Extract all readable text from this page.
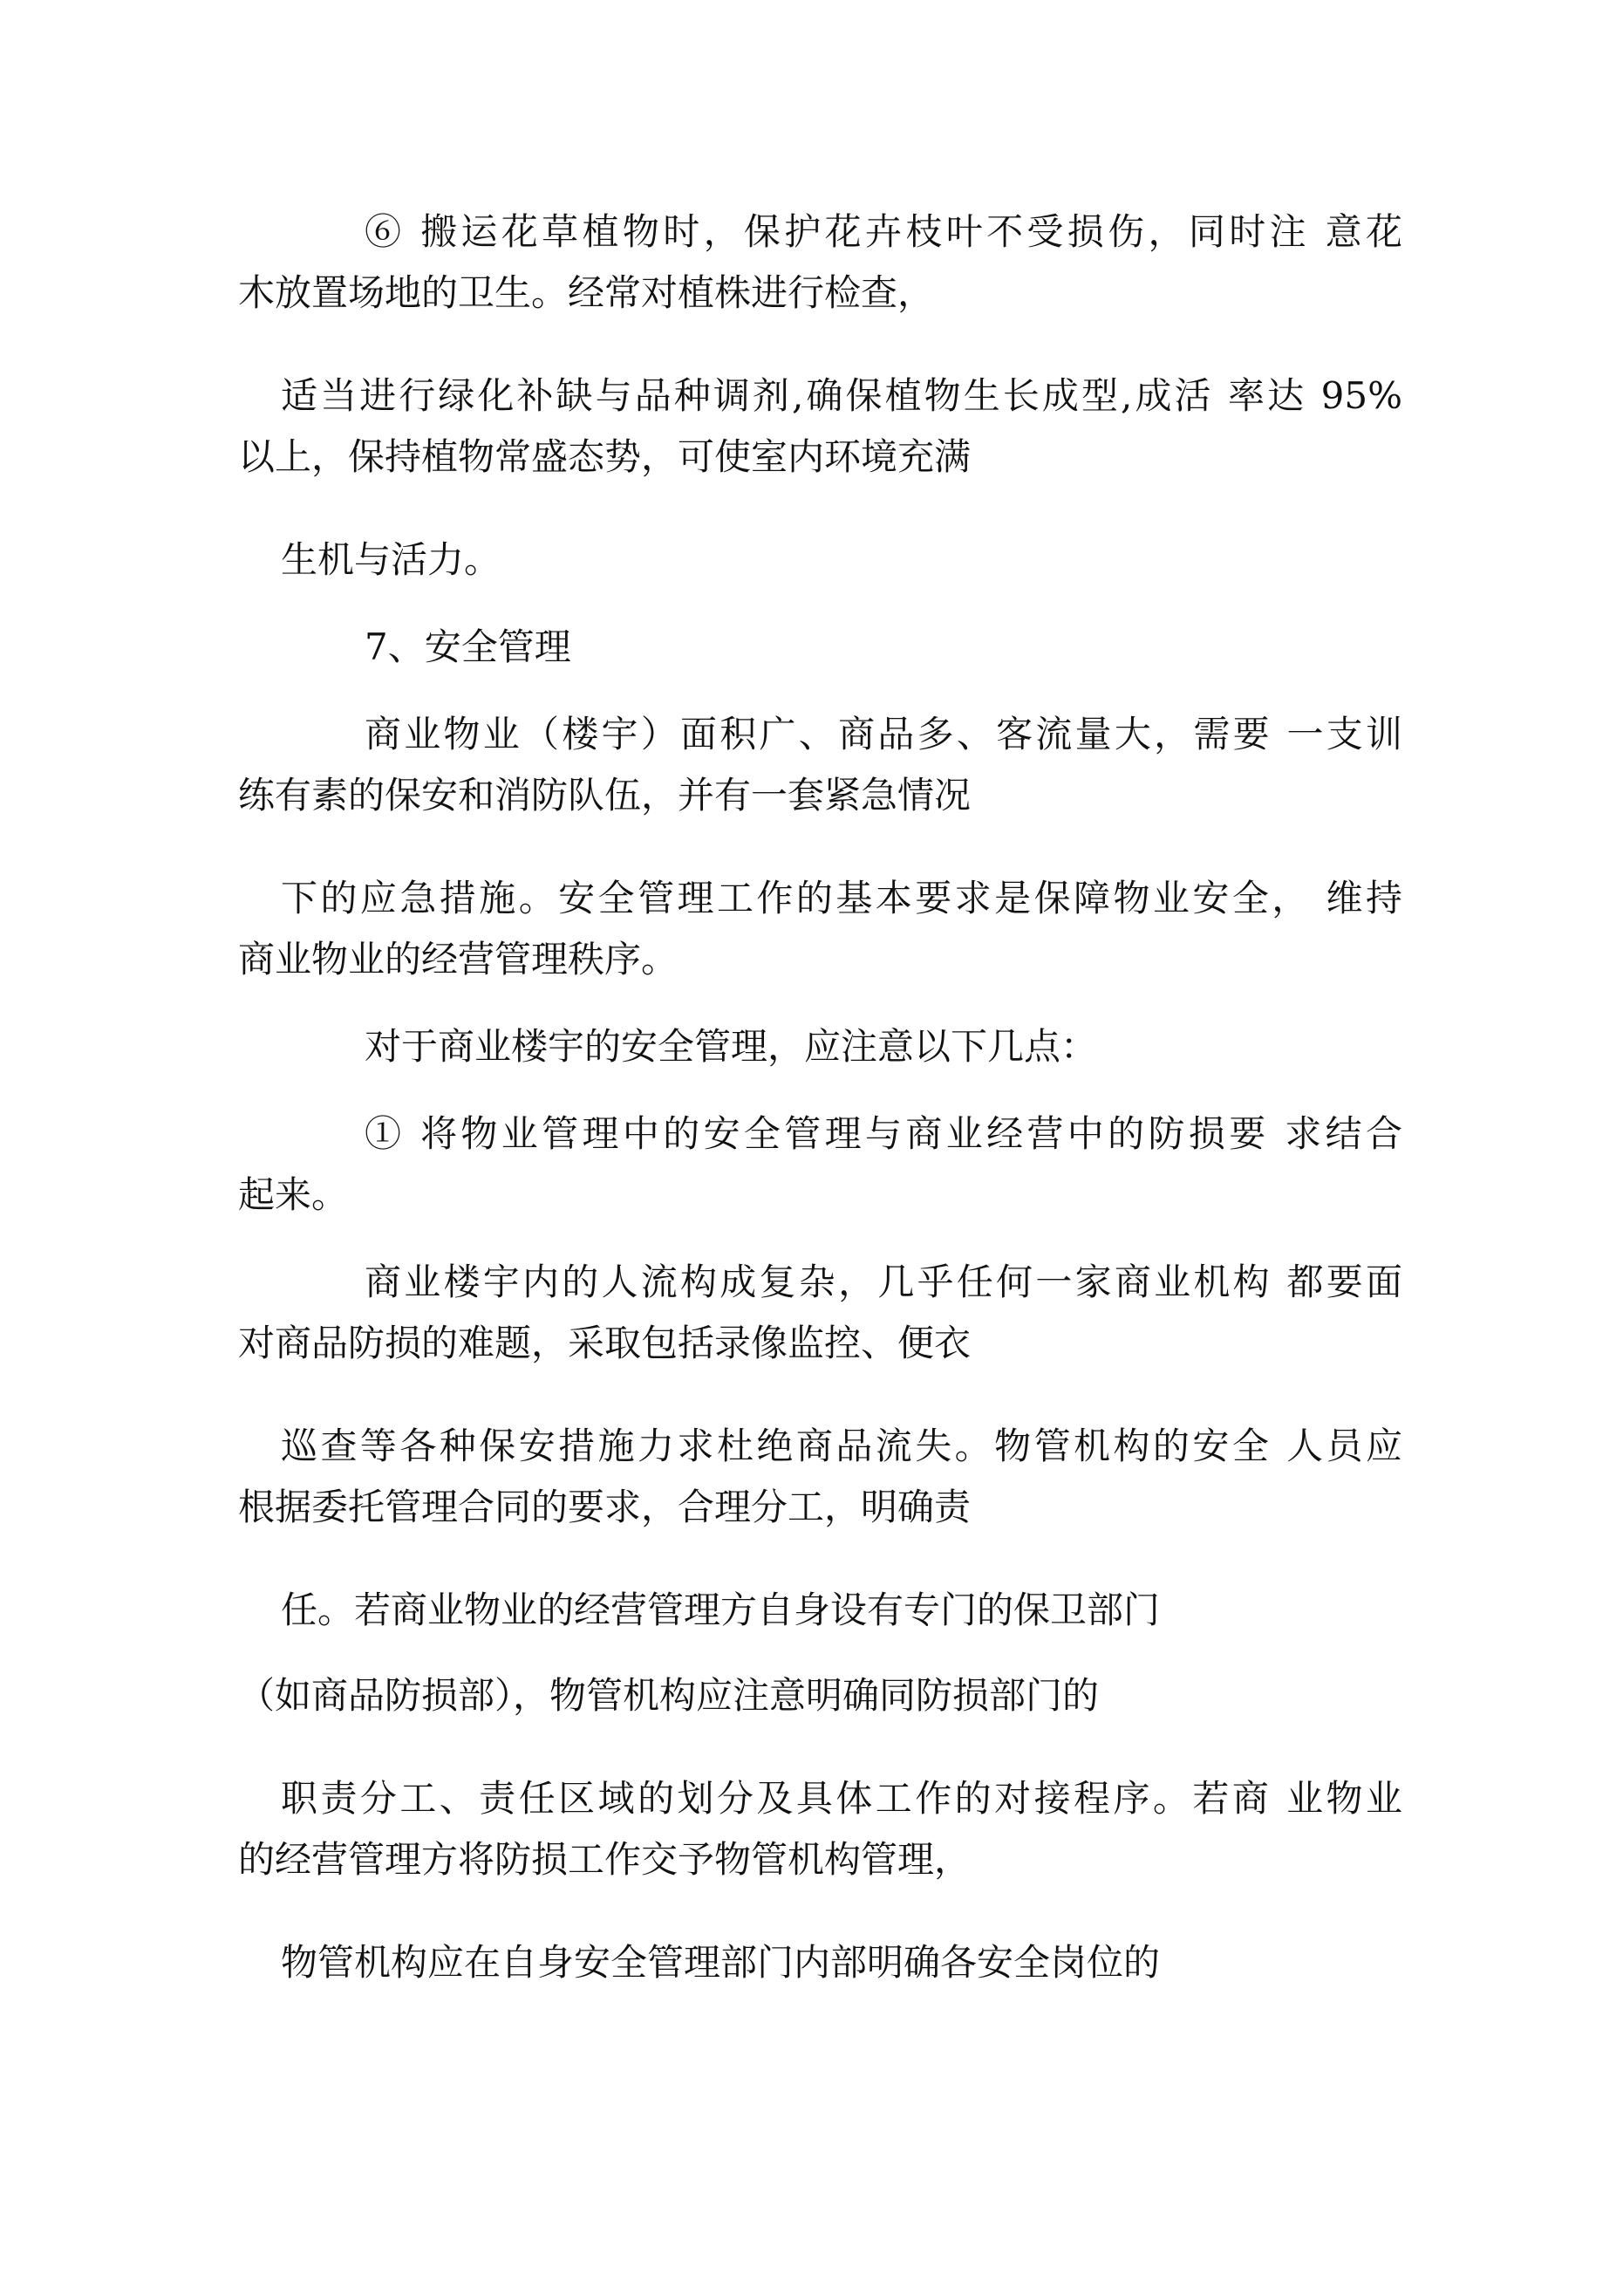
⑥ 搬运花草植物时，保护花卉枝叶不受损伤，同时注 意花
木放置场地的卫生。经常对植株进行检查，
适当进行绿化补缺与品种调剂,确保植物生长成型,成活 率达 95%
以上，保持植物常盛态势，可使室内环境充满
生机与活力。
7、安全管理
商业物业（楼宇）面积广、商品多、客流量大，需要 一支训
练有素的保安和消防队伍，并有一套紧急情况
下的应急措施。安全管理工作的基本要求是保障物业安全， 维持
商业物业的经营管理秩序。
对于商业楼宇的安全管理，应注意以下几点：
① 将物业管理中的安全管理与商业经营中的防损要 求结合
起来。
商业楼宇内的人流构成复杂，几乎任何一家商业机构 都要面
对商品防损的难题，采取包括录像监控、便衣
巡查等各种保安措施力求杜绝商品流失。物管机构的安全 人员应
根据委托管理合同的要求，合理分工，明确责
任。若商业物业的经营管理方自身设有专门的保卫部门
（如商品防损部），物管机构应注意明确同防损部门的
职责分工、责任区域的划分及具体工作的对接程序。若商 业物业
的经营管理方将防损工作交予物管机构管理，
物管机构应在自身安全管理部门内部明确各安全岗位的
